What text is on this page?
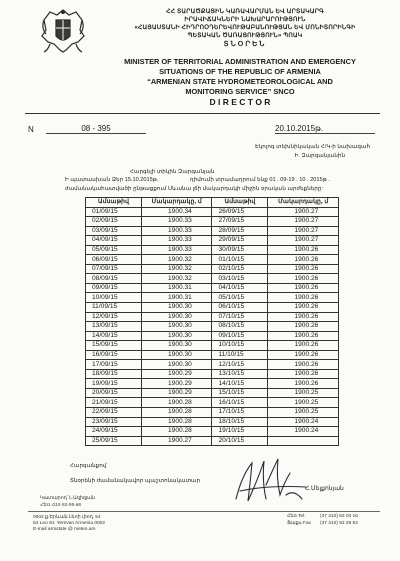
ՀՀ ՏԱՐԱԾՔԱՅԻՆ ԿԱՌԱՎԱՐՄԱՆ ԵՎ ԱՐՏԱԿԱՐԳ
ԻՐԱՎԻՃԱԿՆԵՐԻ ՆԱԽԱՐԱՐՈՒԹՅՈՒՆ
«ՀԱՅԱՍՏԱՆԻ ՀԻԴՐՈՕԴԵՐԵՎՈՒԹԱԲԱՆՈՒԹՅԱՆ ԵՎ ՄՈՆԻՏՈՐԻՆԳԻ
ՊԵՏԱԿԱՆ ԾԱՌԱՅՈՒԹՅՈՒՆ» ՊՈԱԿ
ՏՆՕՐԵՆ
MINISTER OF TERRITORIAL ADMINISTRATION AND EMERGENCY
SITUATIONS OF THE REPUBLIC OF ARMENIA
“ARMENIAN STATE HYDROMETEOROLOGICAL AND
MONITORING SERVICE” SNCO
D I R E C T O R
N	08 - 395	20.10.2015թ.
Էկոլոգ տեխնիկական Հ/Կ-ի նախագահ
Ի. Զարգանյանին
Հարգելի տիկին Զարգանյան
Ի պատասխան Ձեր 15.10.2015թ.	դիմումի տրամադրում ենք 01 . 09-19 . 10 . 2015թ .
ժամանակահատվածի ընթացքում Սևանա լճի մակարդակի միջին օրական արժեքները:
Ամսաթիվ	Մակարդակը, մ	Ամսաթիվ	Մակարդակը, մ
01/09/15	1900.34	26/09/15	1900.27
02/09/15	1900.33	27/09/15	1900.27
03/09/15	1900.33	28/09/15	1900.27
04/09/15	1900.33	29/09/15	1900.27
05/09/15	1900.33	30/09/15	1900.26
06/09/15	1900.32	01/10/15	1900.26
07/09/15	1900.32	02/10/15	1900.26
08/09/15	1900.32	03/10/15	1900.26
09/09/15	1900.31	04/10/15	1900.26
10/09/15	1900.31	05/10/15	1900.26
11/09/15	1900.30	06/10/15	1900.26
12/09/15	1900.30	07/10/15	1900.26
13/09/15	1900.30	08/10/15	1900.26
14/09/15	1900.30	09/10/15	1900.26
15/09/15	1900.30	10/10/15	1900.26
16/09/15	1900.30	11/10/15	1900.26
17/09/15	1900.30	12/10/15	1900.26
18/09/15	1900.29	13/10/15	1900.26
19/09/15	1900.29	14/10/15	1900.26
20/09/15	1900.29	15/10/15	1900.25
21/09/15	1900.28	16/10/15	1900.25
22/09/15	1900.28	17/10/15	1900.25
23/09/15	1900.28	18/10/15	1900.24
24/09/15	1900.28	19/10/15	1900.24
25/09/15	1900.27	20/10/15	
Հարգանքով՝
Տնօրենի ժամանակավոր պաշտոնակատար
Հ.Մելքոնյան
Կատարող՝ Լ.Ազիզյան
Հեռ. 010-53-95-66
0002 ք.Երևան Լեոի փող. 54
54 Leo str. Yerevan Armenia 0002
E-mail armstate @ meteo.am
Հեռ.Tel.	(37 410) 53 03 16
Ֆաքս Fax (37 410) 53 29 52
